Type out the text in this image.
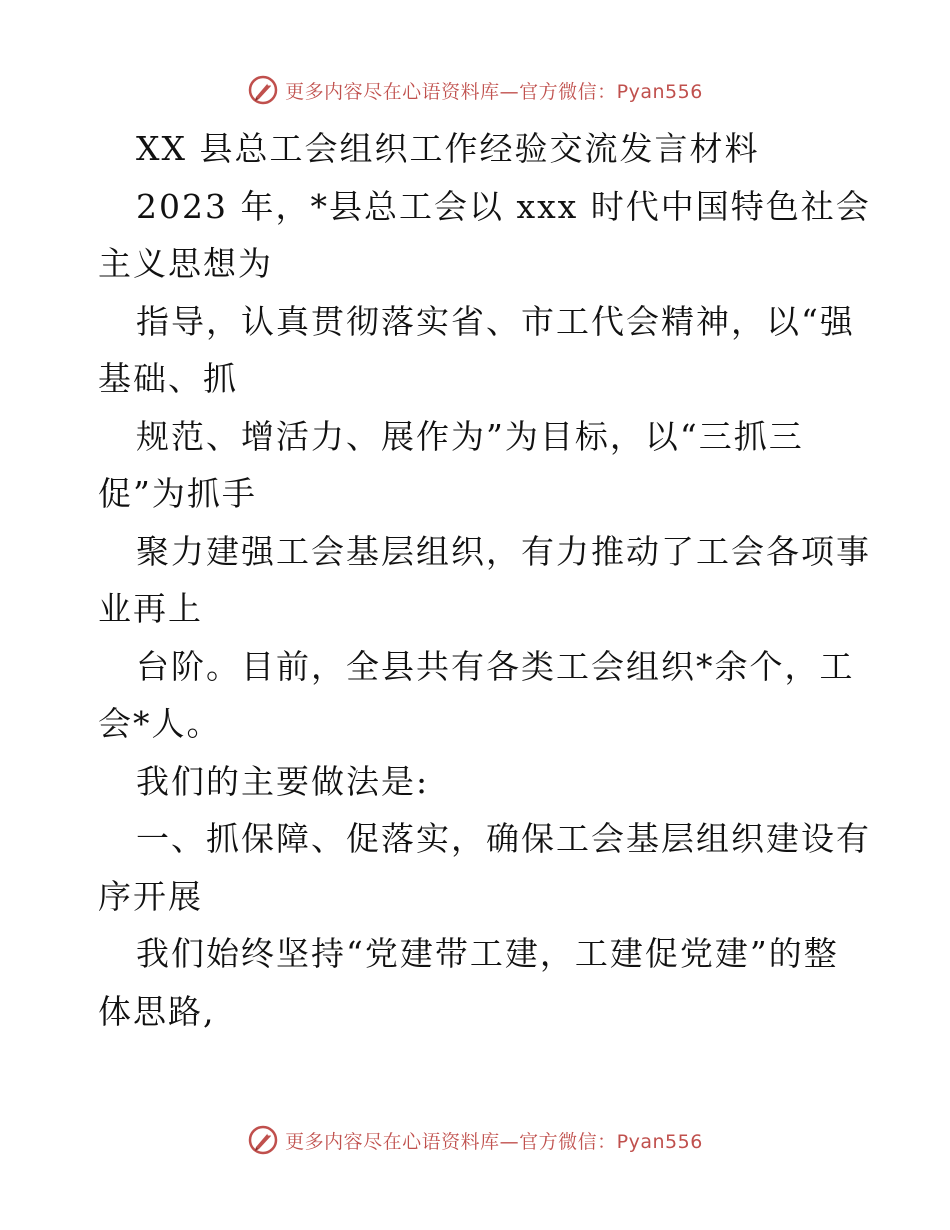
更多内容尽在心语资料库—官方微信：Pyan556
XX 县总工会组织工作经验交流发言材料
2023 年，*县总工会以 xxx 时代中国特色社会
主义思想为
指导，认真贯彻落实省、市工代会精神，以“强
基础、抓
规范、增活力、展作为”为目标，以“三抓三
促”为抓手
聚力建强工会基层组织，有力推动了工会各项事
业再上
台阶。目前，全县共有各类工会组织*余个，工
会*人。
我们的主要做法是:
一、抓保障、促落实，确保工会基层组织建设有
序开展
我们始终坚持“党建带工建，工建促党建”的整
体思路,
更多内容尽在心语资料库—官方微信：Pyan556
